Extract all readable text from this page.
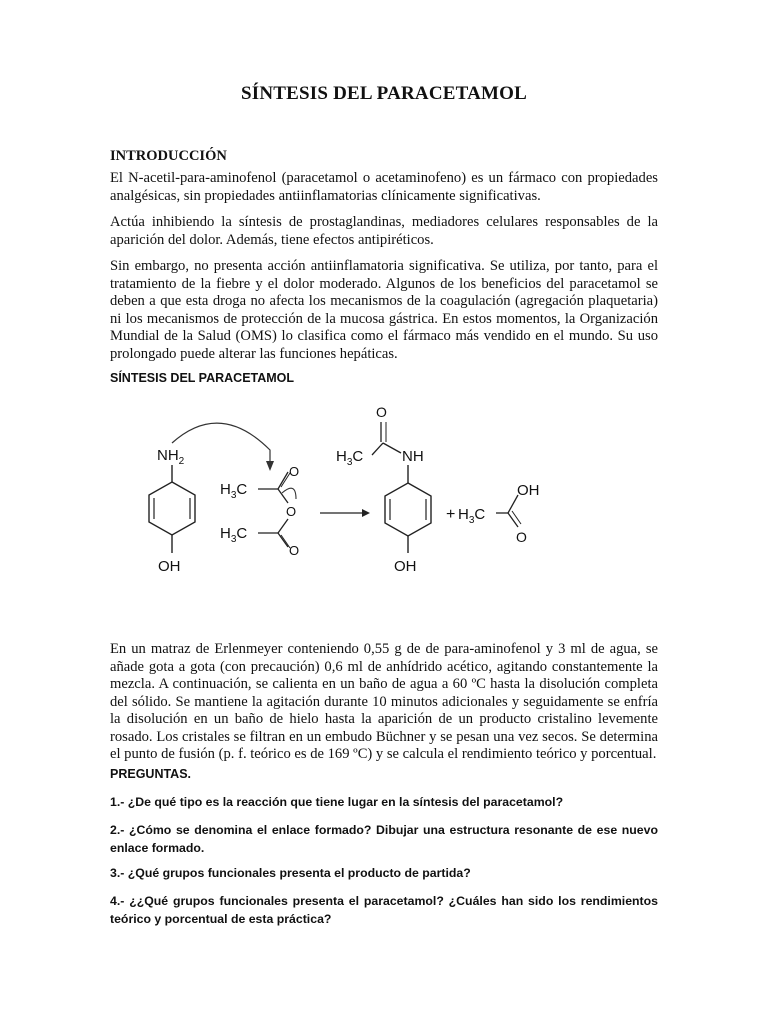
SÍNTESIS DEL PARACETAMOL
INTRODUCCIÓN
El N-acetil-para-aminofenol (paracetamol o acetaminofeno) es un fármaco con propiedades analgésicas, sin propiedades antiinflamatorias clínicamente significativas.
Actúa inhibiendo la síntesis de prostaglandinas, mediadores celulares responsables de la aparición del dolor. Además, tiene efectos antipiréticos.
Sin embargo, no presenta acción antiinflamatoria significativa. Se utiliza, por tanto, para el tratamiento de la fiebre y el dolor moderado. Algunos de los beneficios del paracetamol se deben a que esta droga no afecta los mecanismos de la coagulación (agregación plaquetaria) ni los mecanismos de protección de la mucosa gástrica. En estos momentos, la Organización Mundial de la Salud (OMS) lo clasifica como el fármaco más vendido en el mundo. Su uso prolongado puede alterar las funciones hepáticas.
SÍNTESIS DEL PARACETAMOL
$NH_2$
OH
$H_3C$
O
O
$H_3C$
O
O
$H_3C$	NH
OH
+ $H_3C$
OH
O
En un matraz de Erlenmeyer conteniendo 0,55 g de de para-aminofenol y 3 ml de agua, se añade gota a gota (con precaución) 0,6 ml de anhídrido acético, agitando constantemente la mezcla. A continuación, se calienta en un baño de agua a 60 ºC hasta la disolución completa del sólido. Se mantiene la agitación durante 10 minutos adicionales y seguidamente se enfría la disolución en un baño de hielo hasta la aparición de un producto cristalino levemente rosado. Los cristales se filtran en un embudo Büchner y se pesan una vez secos. Se determina el punto de fusión (p. f. teórico es de 169 ºC) y se calcula el rendimiento teórico y porcentual.
PREGUNTAS.
1.- ¿De qué tipo es la reacción que tiene lugar en la síntesis del paracetamol?
2.- ¿Cómo se denomina el enlace formado? Dibujar una estructura resonante de ese nuevo enlace formado.
3.- ¿Qué grupos funcionales presenta el producto de partida?
4.- ¿¿Qué grupos funcionales presenta el paracetamol? ¿Cuáles han sido los rendimientos teórico y porcentual de esta práctica?
